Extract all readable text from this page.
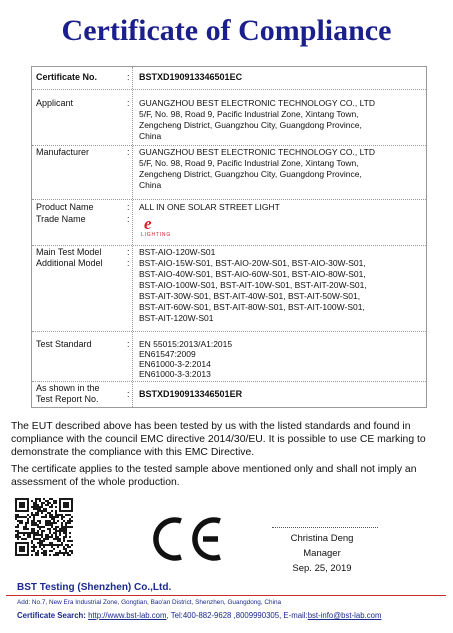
Certificate of Compliance
Certificate No.	: BSTXD190913346501EC
Applicant	: GUANGZHOU BEST ELECTRONIC TECHNOLOGY CO., LTD
5/F, No. 98, Road 9, Pacific Industrial Zone, Xintang Town,
Zengcheng District, Guangzhou City, Guangdong Province,
China
Manufacturer	: GUANGZHOU BEST ELECTRONIC TECHNOLOGY CO., LTD
5/F, No. 98, Road 9, Pacific Industrial Zone, Xintang Town,
Zengcheng District, Guangzhou City, Guangdong Province,
China
Product Name	: ALL IN ONE SOLAR STREET LIGHT
Trade Name	: e
LIGHTING
Main Test Model	: BST-AIO-120W-S01
Additional Model	: BST-AIO-15W-S01, BST-AIO-20W-S01, BST-AIO-30W-S01,
BST-AIO-40W-S01, BST-AIO-60W-S01, BST-AIO-80W-S01,
BST-AIO-100W-S01, BST-AIT-10W-S01, BST-AIT-20W-S01,
BST-AIT-30W-S01, BST-AIT-40W-S01, BST-AIT-50W-S01,
BST-AIT-60W-S01, BST-AIT-80W-S01, BST-AIT-100W-S01,
BST-AIT-120W-S01
Test Standard	: EN 55015:2013/A1:2015
EN61547:2009
EN61000-3-2:2014
EN61000-3-3:2013
As shown in the
Test Report No.	: BSTXD190913346501ER
The EUT described above has been tested by us with the listed standards and found in compliance with the council EMC directive 2014/30/EU. It is possible to use CE marking to demonstrate the compliance with this EMC Directive.
The certificate applies to the tested sample above mentioned only and shall not imply an assessment of the whole production.
Christina Deng
Manager
Sep. 25, 2019
BST Testing (Shenzhen) Co.,Ltd.
Add: No.7, New Era Industrial Zone, Gongtian, Bao'an District, Shenzhen, Guangdong, China
Certificate Search: http://www.bst-lab.com, Tel:400-882-9628 ,8009990305, E-mail:bst-info@bst-lab.com
